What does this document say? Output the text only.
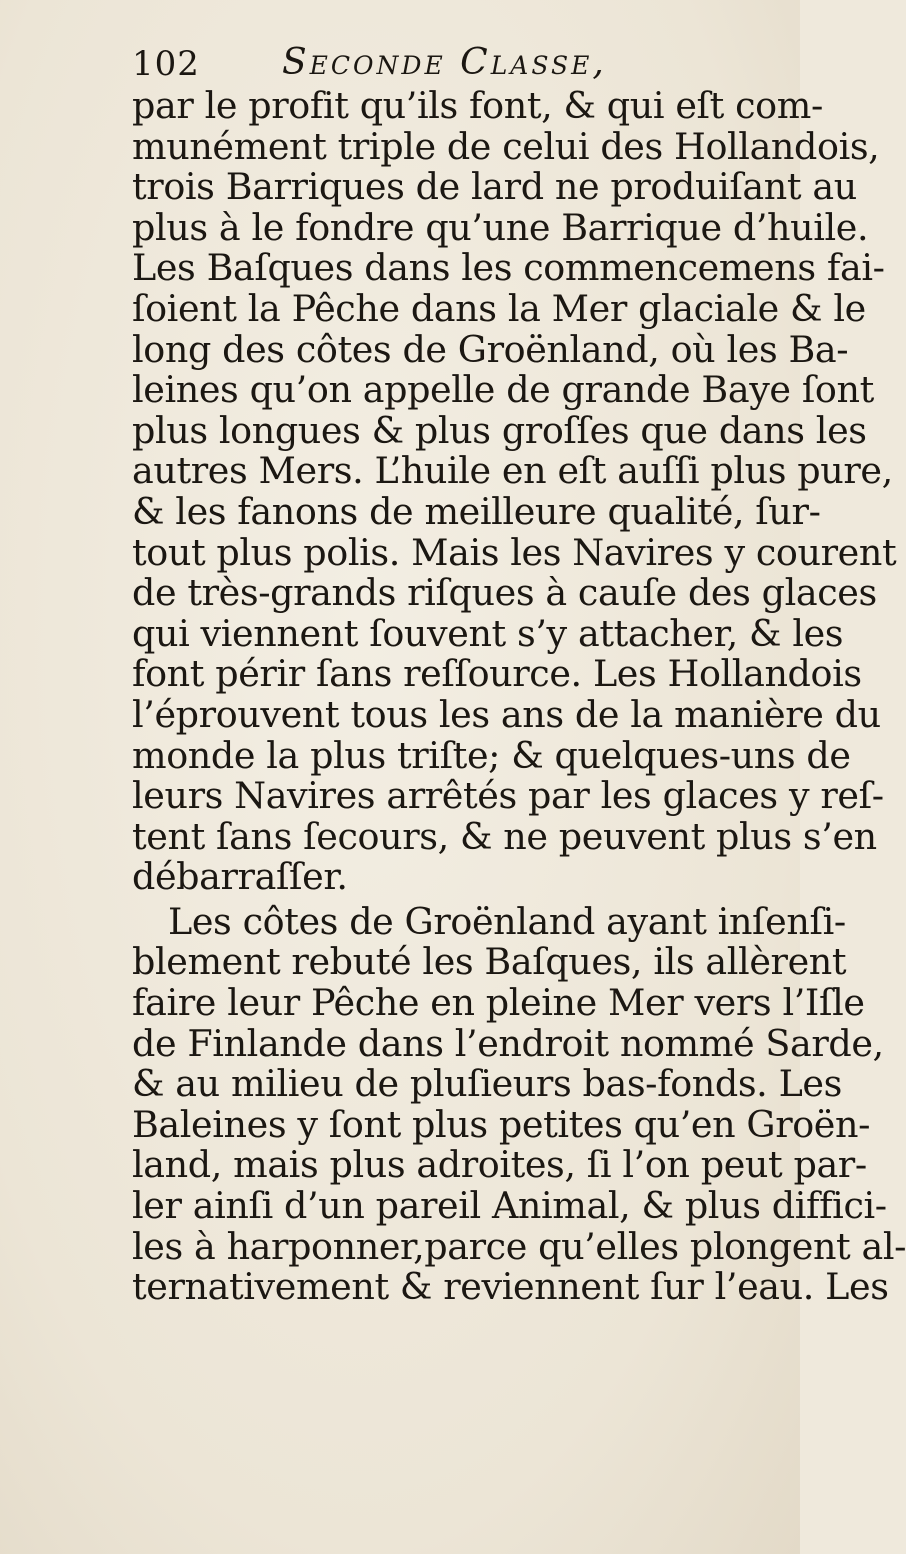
102 Seconde Classe,
par le profit qu’ils font, & qui eſt com-
munément triple de celui des Hollandois,
trois Barriques de lard ne produiſant au
plus à le fondre qu’une Barrique d’huile.
Les Baſques dans les commencemens fai-
ſoient la Pêche dans la Mer glaciale & le
long des côtes de Groënland, où les Ba-
leines qu’on appelle de grande Baye ſont
plus longues & plus groſſes que dans les
autres Mers. L’huile en eſt auſſi plus pure,
& les fanons de meilleure qualité, ſur-
tout plus polis. Mais les Navires y courent
de très-grands riſques à cauſe des glaces
qui viennent ſouvent s’y attacher, & les
font périr ſans reſſource. Les Hollandois
l’éprouvent tous les ans de la manière du
monde la plus triſte; & quelques-uns de
leurs Navires arrêtés par les glaces y reſ-
tent ſans ſecours, & ne peuvent plus s’en
débarraſſer.
Les côtes de Groënland ayant inſenſi-
blement rebuté les Baſques, ils allèrent
faire leur Pêche en pleine Mer vers l’Iſle
de Finlande dans l’endroit nommé Sarde,
& au milieu de pluſieurs bas-fonds. Les
Baleines y ſont plus petites qu’en Groën-
land, mais plus adroites, ſi l’on peut par-
ler ainſi d’un pareil Animal, & plus diffici-
les à harponner,parce qu’elles plongent al-
ternativement & reviennent ſur l’eau. Les
